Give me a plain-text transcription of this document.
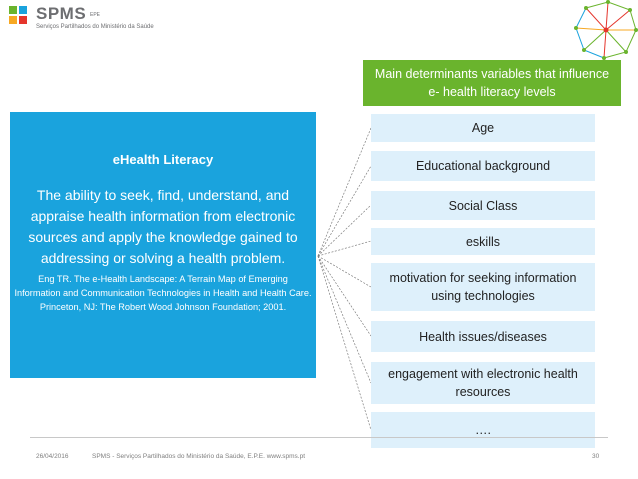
SPMS EPE
Serviços Partilhados do Ministério da Saúde
Main determinants variables that influence e- health literacy levels
eHealth Literacy
The ability to seek, find, understand, and appraise health information from electronic sources and apply the knowledge gained to addressing or solving a health problem.
Eng TR. The e-Health Landscape: A Terrain Map of Emerging Information and Communication Technologies in Health and Health Care. Princeton, NJ: The Robert Wood Johnson Foundation; 2001.
Age
Educational background
Social Class
eskills
motivation for seeking information using technologies
Health issues/diseases
engagement with electronic health resources
….
26/04/2016	SPMS - Serviços Partilhados do Ministério da Saúde, E.P.E. www.spms.pt	30
